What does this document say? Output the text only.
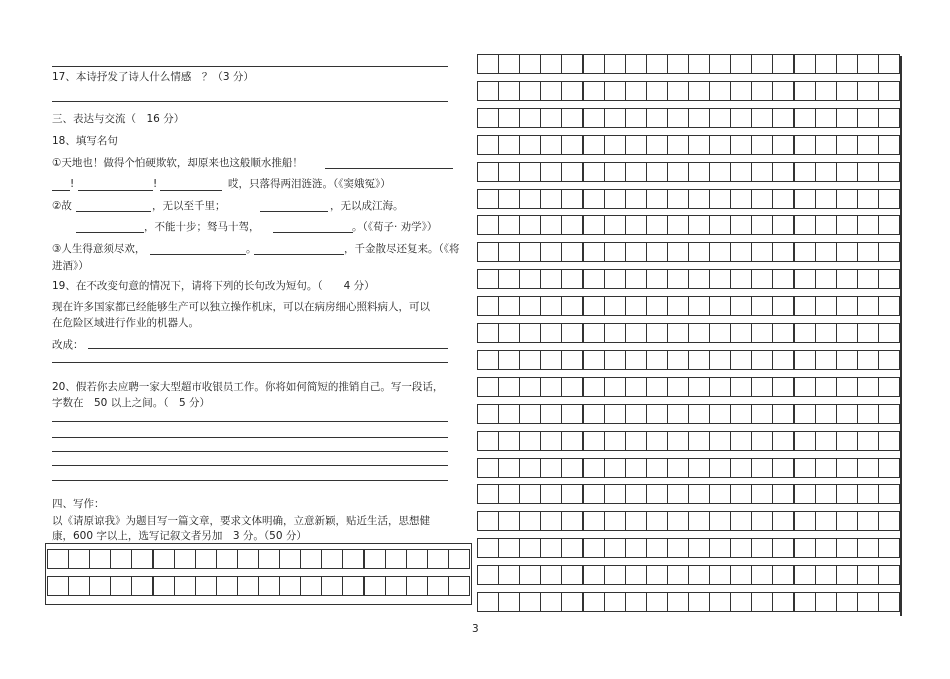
17、本诗抒发了诗人什么情感　？（3 分）
三、表达与交流（　16 分）
18、填写名句
①天地也！做得个怕硬欺软，却原来也这般顺水推船！
!	!	哎，只落得两泪涟涟。（《窦娥冤》）
②故	，无以至千里；	，无以成江海。
，不能十步；驽马十驾，	。（《荀子· 劝学》）
③人生得意须尽欢，	。	，千金散尽还复来。（《将
进酒》）
19、在不改变句意的情况下，请将下列的长句改为短句。（　　4 分）
现在许多国家都已经能够生产可以独立操作机床，可以在病房细心照料病人，可以
在危险区域进行作业的机器人。
改成：
20、假若你去应聘一家大型超市收银员工作。你将如何简短的推销自己。写一段话，
字数在　50 以上之间。（　5 分）
四、写作：
以《请原谅我》为题目写一篇文章，要求文体明确，立意新颖，贴近生活，思想健
康，600 字以上，选写记叙文者另加　3 分。（50 分）
3
